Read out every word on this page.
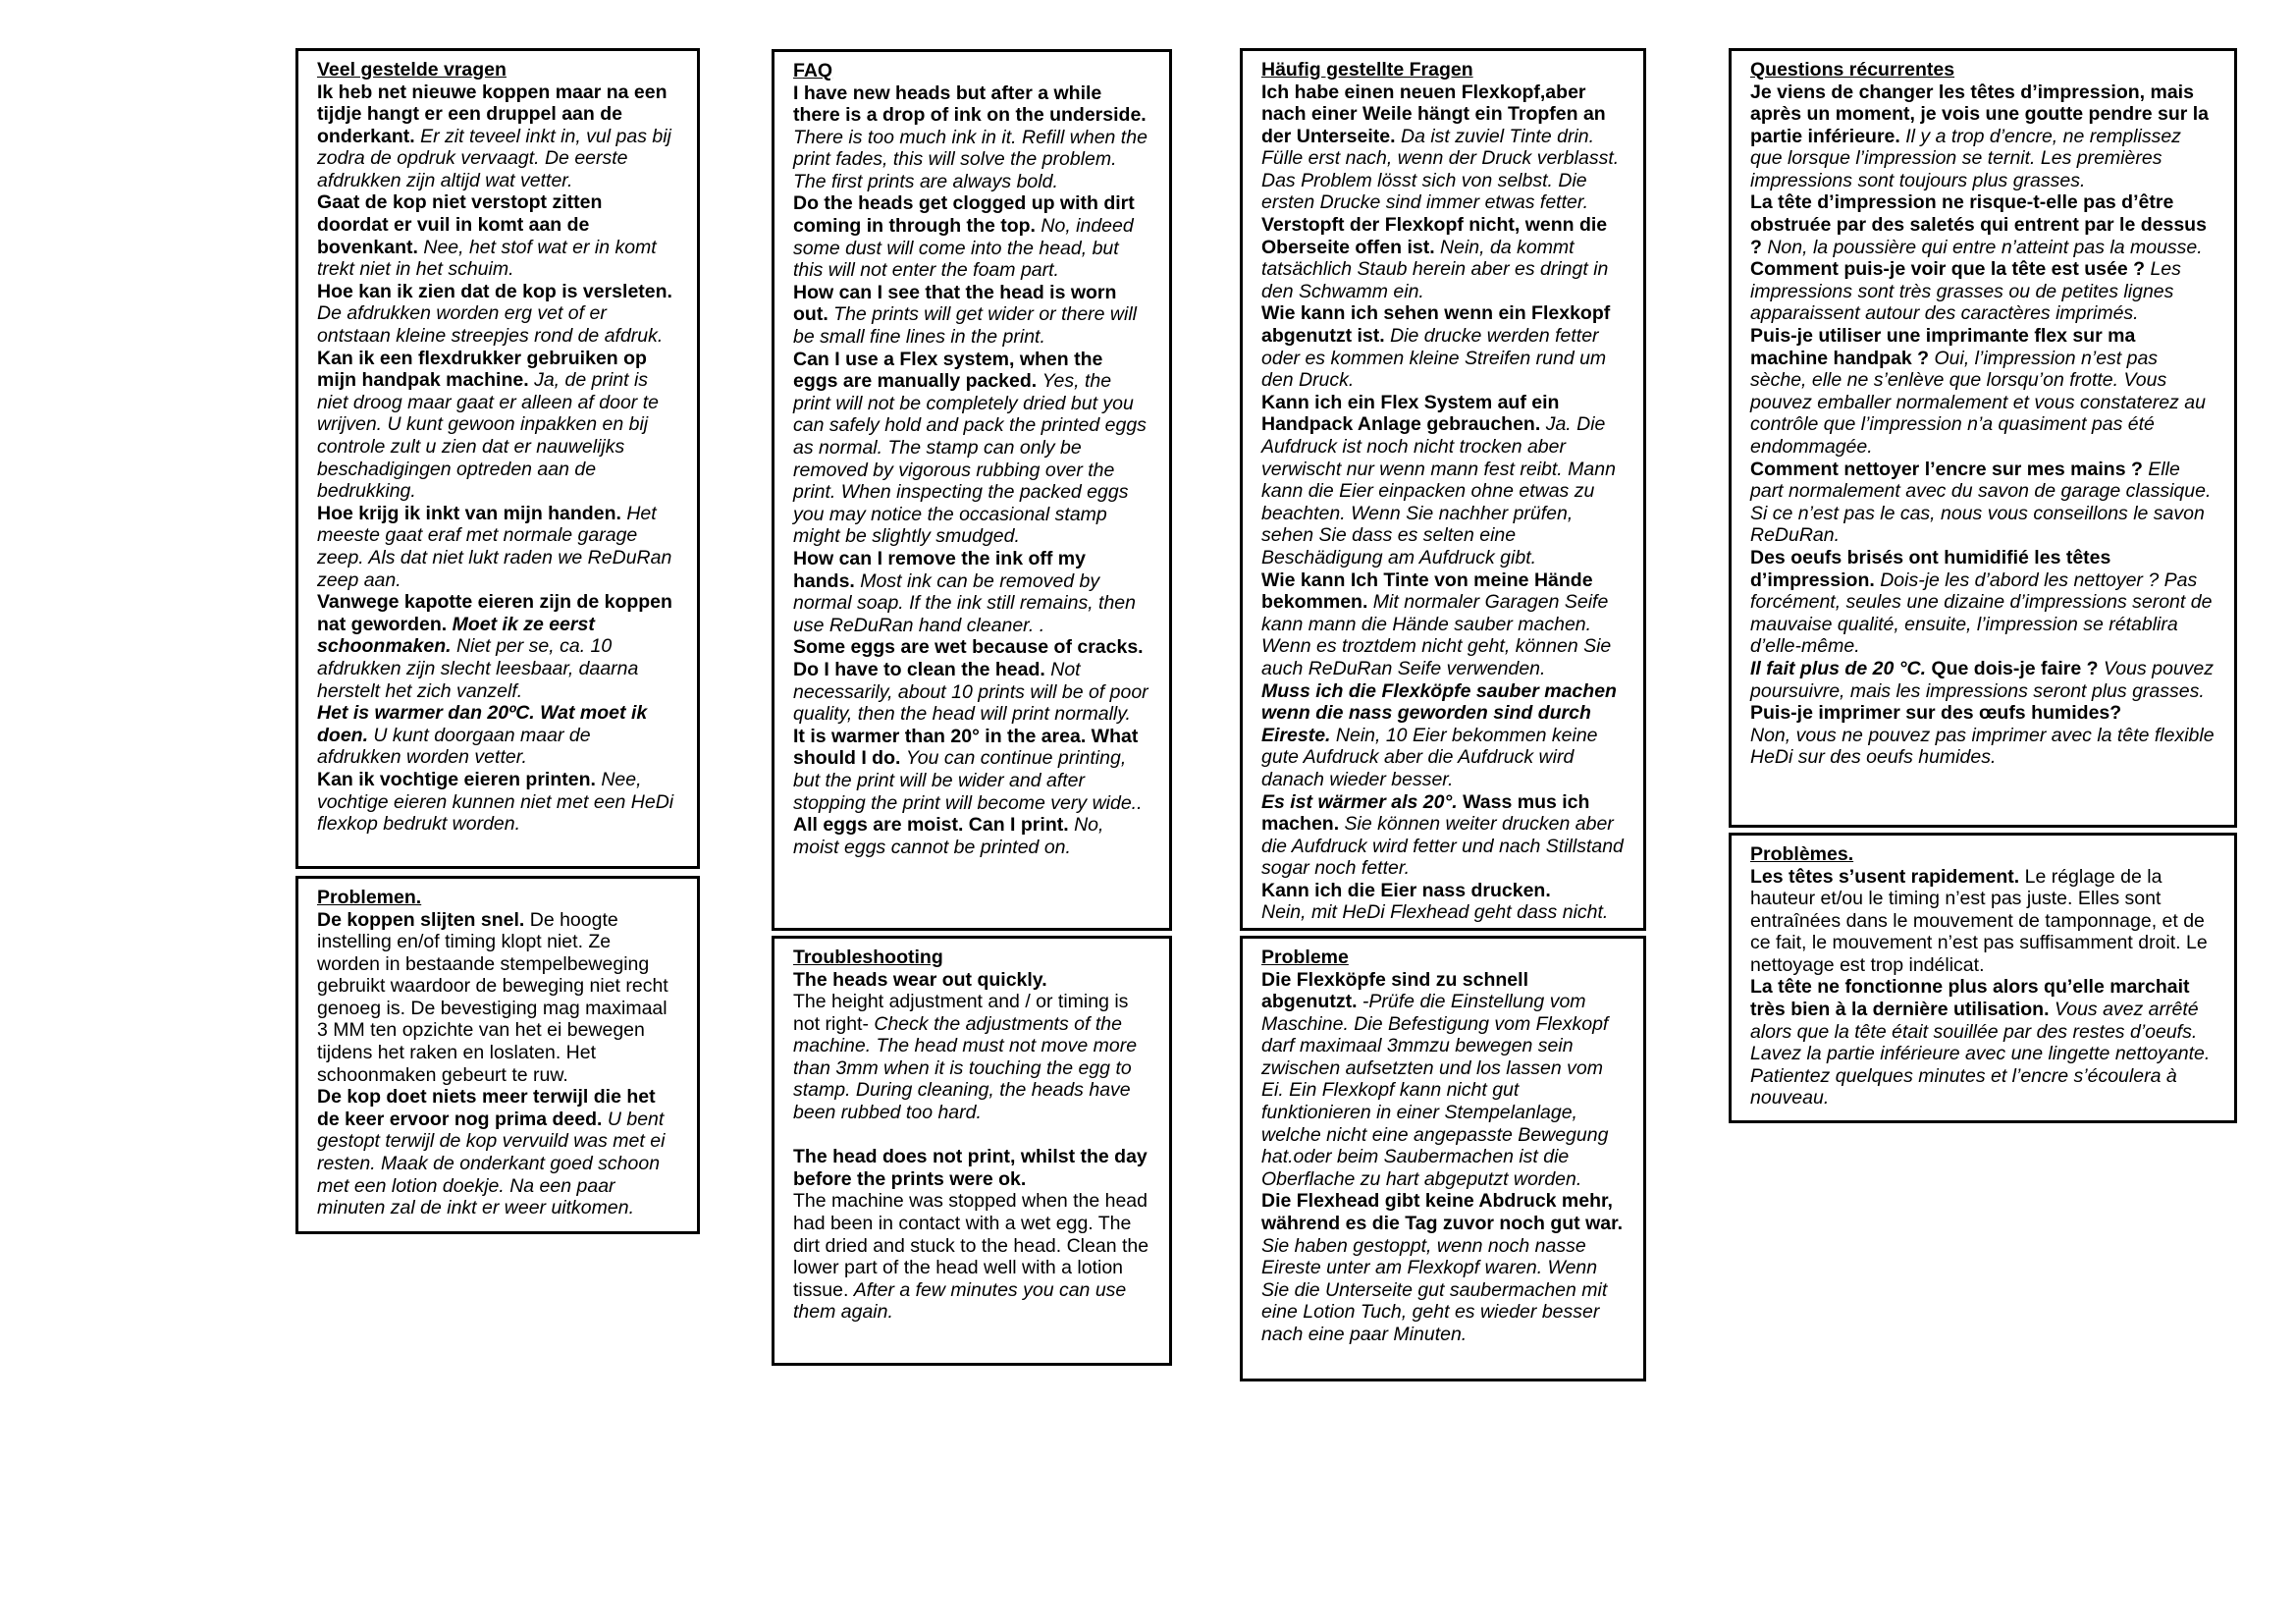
Veel gestelde vragen

Ik heb net nieuwe koppen maar na een tijdje hangt er een druppel aan de onderkant. Er zit teveel inkt in, vul pas bij zodra de opdruk vervaagt. De eerste afdrukken zijn altijd wat vetter.

Gaat de kop niet verstopt zitten doordat er vuil in komt aan de bovenkant. Nee, het stof wat er in komt trekt niet in het schuim.

Hoe kan ik zien dat de kop is versleten. De afdrukken worden erg vet of er ontstaan kleine streepjes rond de afdruk.

Kan ik een flexdrukker gebruiken op mijn handpak machine. Ja, de print is niet droog maar gaat er alleen af door te wrijven. U kunt gewoon inpakken en bij controle zult u zien dat er nauwelijks beschadigingen optreden aan de bedrukking.

Hoe krijg ik inkt van mijn handen. Het meeste gaat eraf met normale garage zeep. Als dat niet lukt raden we ReDuRan zeep aan.

Vanwege kapotte eieren zijn de koppen nat geworden. Moet ik ze eerst schoonmaken. Niet per se, ca. 10 afdrukken zijn slecht leesbaar, daarna herstelt het zich vanzelf.

Het is warmer dan 20ºC. Wat moet ik doen. U kunt doorgaan maar de afdrukken worden vetter.

Kan ik vochtige eieren printen. Nee, vochtige eieren kunnen niet met een HeDi flexkop bedrukt worden.

Problemen.

De koppen slijten snel. De hoogte instelling en/of timing klopt niet. Ze worden in bestaande stempelbeweging gebruikt waardoor de beweging niet recht genoeg is. De bevestiging mag maximaal 3 MM ten opzichte van het ei bewegen tijdens het raken en loslaten. Het schoonmaken gebeurt te ruw.

De kop doet niets meer terwijl die het de keer ervoor nog prima deed. U bent gestopt terwijl de kop vervuild was met ei resten. Maak de onderkant goed schoon met een lotion doekje. Na een paar minuten zal de inkt er weer uitkomen.

FAQ

I have new heads but after a while there is a drop of ink on the underside. There is too much ink in it. Refill when the print fades, this will solve the problem. The first prints are always bold.

Do the heads get clogged up with dirt coming in through the top. No, indeed some dust will come into the head, but this will not enter the foam part.

How can I see that the head is worn out. The prints will get wider or there will be small fine lines in the print.

Can I use a Flex system, when the eggs are manually packed. Yes, the print will not be completely dried but you can safely hold and pack the printed eggs as normal. The stamp can only be removed by vigorous rubbing over the print. When inspecting the packed eggs you may notice the occasional stamp might be slightly smudged.

How can I remove the ink off my hands. Most ink can be removed by normal soap. If the ink still remains, then use ReDuRan hand cleaner. .

Some eggs are wet because of cracks. Do I have to clean the head. Not necessarily, about 10 prints will be of poor quality, then the head will print normally.

It is warmer than 20° in the area. What should I do. You can continue printing, but the print will be wider and after stopping the print will become very wide..

All eggs are moist. Can I print. No, moist eggs cannot be printed on.

Troubleshooting

The heads wear out quickly.
The height adjustment and / or timing is not right- Check the adjustments of the machine. The head must not move more than 3mm when it is touching the egg to stamp. During cleaning, the heads have been rubbed too hard.

The head does not print, whilst the day before the prints were ok.
The machine was stopped when the head had been in contact with a wet egg. The dirt dried and stuck to the head. Clean the lower part of the head well with a lotion tissue. After a few minutes you can use them again.

Häufig gestellte Fragen

Ich habe einen neuen Flexkopf,aber nach einer Weile hängt ein Tropfen an der Unterseite. Da ist zuviel Tinte drin. Fülle erst nach, wenn der Druck verblasst. Das Problem lösst sich von selbst. Die ersten Drucke sind immer etwas fetter.

Verstopft der Flexkopf nicht, wenn die Oberseite offen ist. Nein, da kommt tatsächlich Staub herein aber es dringt in den Schwamm ein.

Wie kann ich sehen wenn ein Flexkopf abgenutzt ist. Die drucke werden fetter oder es kommen kleine Streifen rund um den Druck.

Kann ich ein Flex System auf ein Handpack Anlage gebrauchen. Ja. Die Aufdruck ist noch nicht trocken aber verwischt nur wenn mann fest reibt. Mann kann die Eier einpacken ohne etwas zu beachten. Wenn Sie nachher prüfen, sehen Sie dass es selten eine Beschädigung am Aufdruck gibt.

Wie kann Ich Tinte von meine Hände bekommen. Mit normaler Garagen Seife kann mann die Hände sauber machen. Wenn es troztdem nicht geht, können Sie auch ReDuRan Seife verwenden.

Muss ich die Flexköpfe sauber machen wenn die nass geworden sind durch Eireste. Nein, 10 Eier bekommen keine gute Aufdruck aber die Aufdruck wird danach wieder besser.

Es ist wärmer als 20°. Wass mus ich machen. Sie können weiter drucken aber die Aufdruck wird fetter und nach Stillstand sogar noch fetter.

Kann ich die Eier nass drucken.
Nein, mit HeDi Flexhead geht dass nicht.

Probleme

Die Flexköpfe sind zu schnell abgenutzt. -Prüfe die Einstellung vom Maschine. Die Befestigung vom Flexkopf darf maximaal 3mmzu bewegen sein zwischen aufsetzten und los lassen vom Ei. Ein Flexkopf kann nicht gut funktionieren in einer Stempelanlage, welche nicht eine angepasste Bewegung hat.oder beim Saubermachen ist die Oberflache zu hart abgeputzt worden.

Die Flexhead gibt keine Abdruck mehr, während es die Tag zuvor noch gut war.
Sie haben gestoppt, wenn noch nasse Eireste unter am Flexkopf waren. Wenn Sie die Unterseite gut saubermachen mit eine Lotion Tuch, geht es wieder besser nach eine paar Minuten.

Questions récurrentes

Je viens de changer les têtes d’impression, mais après un moment, je vois une goutte pendre sur la partie inférieure. Il y a trop d’encre, ne remplissez que lorsque l’impression se ternit. Les premières impressions sont toujours plus grasses.

La tête d’impression ne risque-t-elle pas d’être obstruée par des saletés qui entrent par le dessus ? Non, la poussière qui entre n’atteint pas la mousse.

Comment puis-je voir que la tête est usée ? Les impressions sont très grasses ou de petites lignes apparaissent autour des caractères imprimés.

Puis-je utiliser une imprimante flex sur ma machine handpak ? Oui, l’impression n’est pas sèche, elle ne s’enlève que lorsqu’on frotte. Vous pouvez emballer normalement et vous constaterez au contrôle que l’impression n’a quasiment pas été endommagée.

Comment nettoyer l’encre sur mes mains ? Elle part normalement avec du savon de garage classique. Si ce n’est pas le cas, nous vous conseillons le savon ReDuRan.

Des oeufs brisés ont humidifié les têtes d’impression. Dois-je les d’abord les nettoyer ? Pas forcément, seules une dizaine d’impressions seront de mauvaise qualité, ensuite, l’impression se rétablira d’elle-même.

Il fait plus de 20 °C. Que dois-je faire ? Vous pouvez poursuivre, mais les impressions seront plus grasses.

Puis-je imprimer sur des œufs humides?
Non, vous ne pouvez pas imprimer avec la tête flexible HeDi sur des oeufs humides.

Problèmes.

Les têtes s’usent rapidement. Le réglage de la hauteur et/ou le timing n’est pas juste. Elles sont entraînées dans le mouvement de tamponnage, et de ce fait, le mouvement n’est pas suffisamment droit. Le nettoyage est trop indélicat.

La tête ne fonctionne plus alors qu’elle marchait très bien à la dernière utilisation. Vous avez arrêté alors que la tête était souillée par des restes d’oeufs. Lavez la partie inférieure avec une lingette nettoyante. Patientez quelques minutes et l’encre s’écoulera à nouveau.
